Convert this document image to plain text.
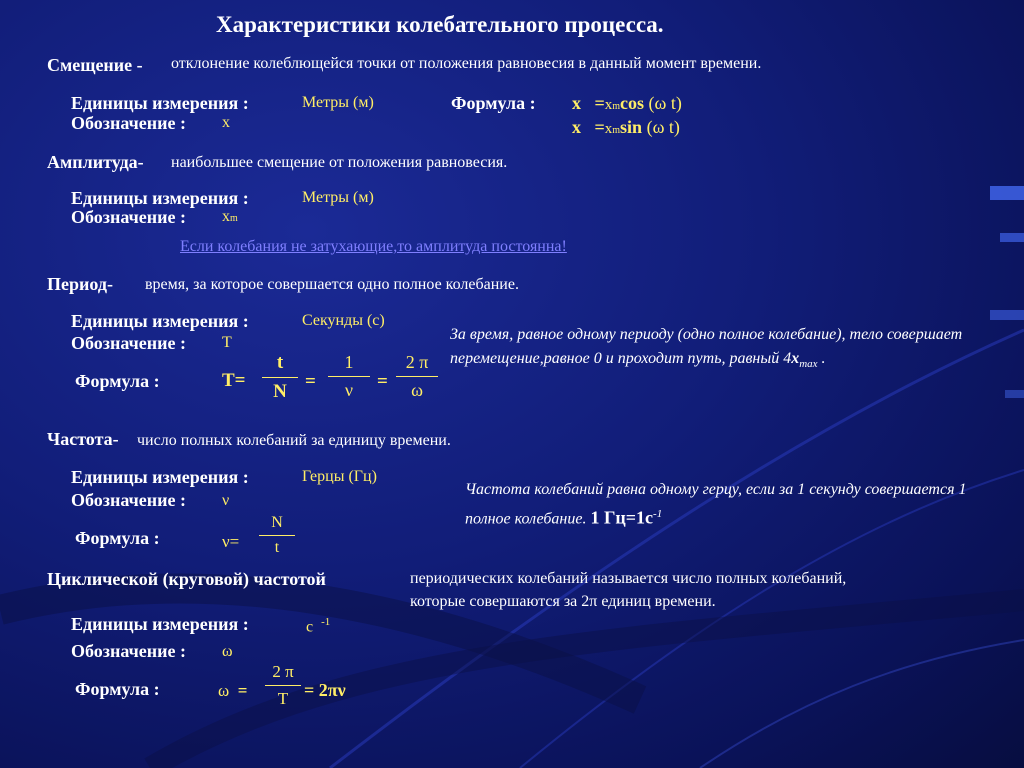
Характеристики колебательного процесса.
Смещение - отклонение колеблющейся точки от положения равновесия в данный момент времени.
Единицы измерения :	Метры (м)
Обозначение : x
Формула : x =xmcos (ω t)
x =xmsin (ω t)
Амплитуда- наибольшее смещение от положения равновесия.
Единицы измерения :	Метры (м)
Обозначение : xm
Если колебания не затухающие,то амплитуда постоянна!
Период- время, за которое совершается одно полное колебание.
Единицы измерения :	Секунды (с)
Обозначение : T	За время, равное одному периоду (одно полное колебание), тело совершает перемещение,равное 0 и проходит путь, равный $4x_{max}$ .
Формула :	T=
t
N =
1
ν	=
2 π
ω
Частота- число полных колебаний за единицу времени.
Единицы измерения :	Герцы (Гц)
Обозначение : ν
Частота колебаний равна одному герцу, если за 1 секунду совершается 1 полное колебание. 1 $Гц=1с^{-1}$
Формула :	ν=
N
t
Циклической (круговой) частотой	периодических колебаний называется число полных колебаний,
которые совершаются за 2π единиц времени.
Единицы измерения :	с $^{-1}$
Обозначение : ω
Формула :	ω =
2 π
T = 2πν
